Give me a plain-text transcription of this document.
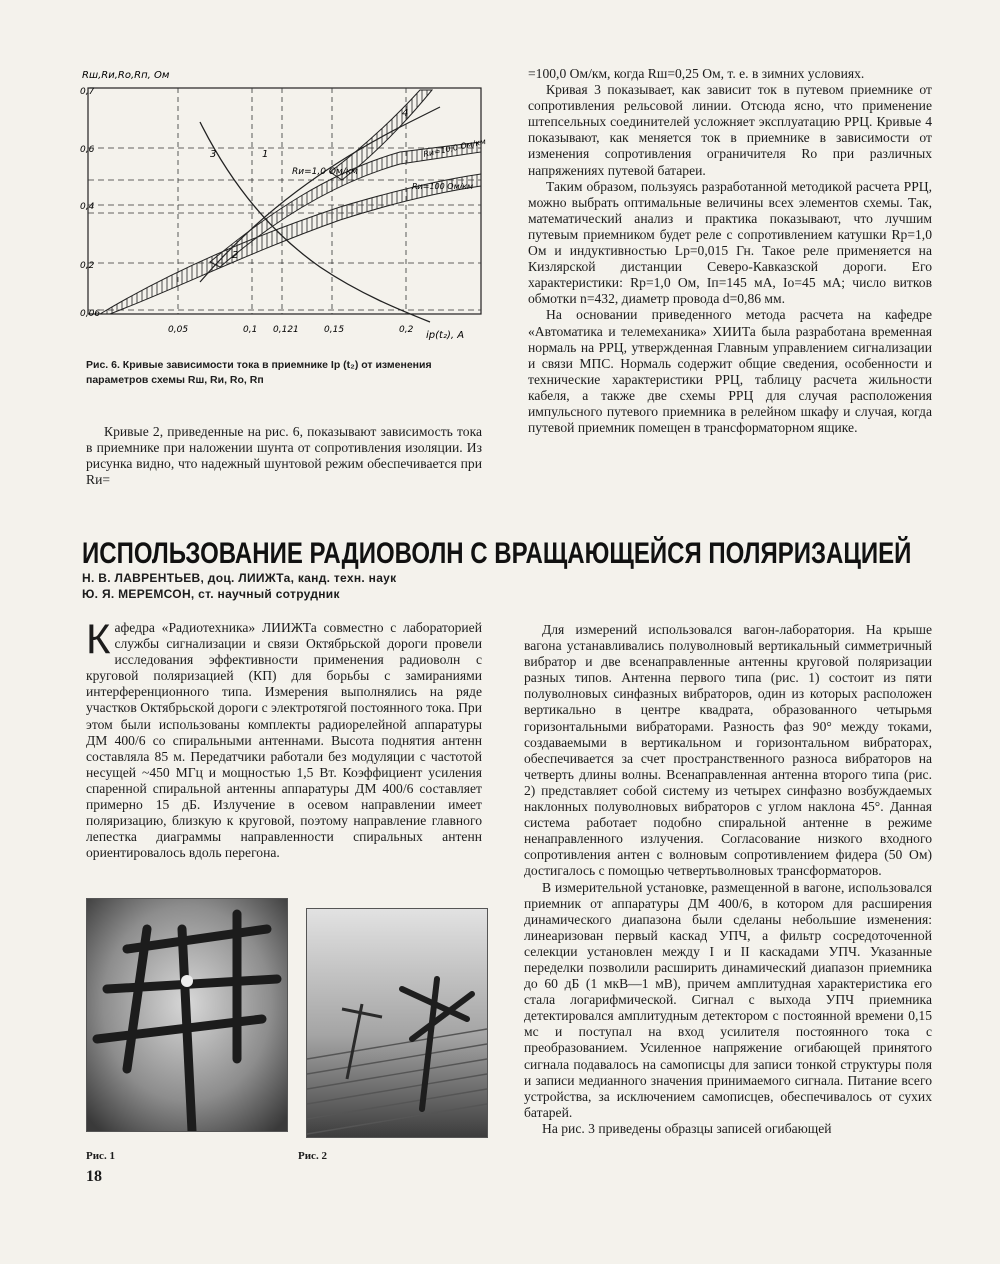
Rш,Rи,Rо,Rп, Ом
iр(t₂), A
0,7
0,6
0,4
0,2
0,06
0,05	0,1 0,121	0,15	0,2
1
2
3
4
Rи=1,0 Ом/км
Rи=10,0 Ом/км
Rи=100 Ом/км
Рис. 6. Кривые зависимости тока в приемнике Iр (t₂) от изменения параметров схемы Rш, Rи, Rо, Rп

Кривые 2, приведенные на рис. 6, показывают зависимость тока в приемнике при наложении шунта от сопротивления изоляции. Из рисунка видно, что надежный шунтовой режим обеспечивается при Rи=

=100,0 Ом/км, когда Rш=0,25 Ом, т. е. в зимних условиях.

Кривая 3 показывает, как зависит ток в путевом приемнике от сопротивления рельсовой линии. Отсюда ясно, что применение штепсельных соединителей усложняет эксплуатацию РРЦ. Кривые 4 показывают, как меняется ток в приемнике в зависимости от изменения сопротивления ограничителя Rо при различных напряжениях путевой батареи.

Таким образом, пользуясь разработанной методикой расчета РРЦ, можно выбрать оптимальные величины всех элементов схемы. Так, математический анализ и практика показывают, что лучшим путевым приемником будет реле с сопротивлением катушки Rр=1,0 Ом и индуктивностью Lр=0,015 Гн. Такое реле применяется на Кизлярской дистанции Северо-Кавказской дороги. Его характеристики: Rр=1,0 Ом, Iп=145 мА, Iо=45 мА; число витков обмотки n=432, диаметр провода d=0,86 мм.

На основании приведенного метода расчета на кафедре «Автоматика и телемеханика» ХИИТа была разработана временная нормаль на РРЦ, утвержденная Главным управлением сигнализации и связи МПС. Нормаль содержит общие сведения, особенности и технические характеристики РРЦ, таблицу расчета жильности кабеля, а также две схемы РРЦ для случая расположения импульсного путевого приемника в релейном шкафу и случая, когда путевой приемник помещен в трансформаторном ящике.

ИСПОЛЬЗОВАНИЕ РАДИОВОЛН С ВРАЩАЮЩЕЙСЯ ПОЛЯРИЗАЦИЕЙ
Н. В. ЛАВРЕНТЬЕВ, доц. ЛИИЖТа, канд. техн. наук
Ю. Я. МЕРЕМСОН, ст. научный сотрудник

Кафедра «Радиотехника» ЛИИЖТа совместно с лабораторией службы сигнализации и связи Октябрьской дороги провели исследования эффективности применения радиоволн с круговой поляризацией (КП) для борьбы с замираниями интерференционного типа. Измерения выполнялись на ряде участков Октябрьской дороги с электротягой постоянного тока. При этом были использованы комплекты радиорелейной аппаратуры ДМ 400/6 со спиральными антеннами. Высота поднятия антенн составляла 85 м. Передатчики работали без модуляции с частотой несущей ~450 МГц и мощностью 1,5 Вт. Коэффициент усиления спаренной спиральной антенны аппаратуры ДМ 400/6 составляет примерно 15 дБ. Излучение в осевом направлении имеет поляризацию, близкую к круговой, поэтому направление главного лепестка диаграммы направленности спиральных антенн ориентировалось вдоль перегона.

Рис. 1	Рис. 2
18

Для измерений использовался вагон-лаборатория. На крыше вагона устанавливались полуволновый вертикальный симметричный вибратор и две всенаправленные антенны круговой поляризации разных типов. Антенна первого типа (рис. 1) состоит из пяти полуволновых синфазных вибраторов, один из которых расположен вертикально в центре квадрата, образованного четырьмя горизонтальными вибраторами. Разность фаз 90° между токами, создаваемыми в вертикальном и горизонтальном вибраторах, обеспечивается за счет пространственного разноса вибраторов на четверть длины волны. Всенаправленная антенна второго типа (рис. 2) представляет собой систему из четырех синфазно возбуждаемых наклонных полуволновых вибраторов с углом наклона 45°. Данная система работает подобно спиральной антенне в режиме ненаправленного излучения. Согласование низкого входного сопротивления антен с волновым сопротивлением фидера (50 Ом) достигалось с помощью четвертьволновых трансформаторов.

В измерительной установке, размещенной в вагоне, использовался приемник от аппаратуры ДМ 400/6, в котором для расширения динамического диапазона были сделаны небольшие изменения: линеаризован первый каскад УПЧ, а фильтр сосредоточенной селекции установлен между I и II каскадами УПЧ. Указанные переделки позволили расширить динамический диапазон приемника до 60 дБ (1 мкВ—1 мВ), причем амплитудная характеристика его стала логарифмической. Сигнал с выхода УПЧ приемника детектировался амплитудным детектором с постоянной времени 0,15 мс и поступал на вход усилителя постоянного тока с преобразованием. Усиленное напряжение огибающей принятого сигнала подавалось на самописцы для записи тонкой структуры поля и записи медианного значения принимаемого сигнала. Питание всего устройства, за исключением самописцев, обеспечивалось от сухих батарей.

На рис. 3 приведены образцы записей огибающей
